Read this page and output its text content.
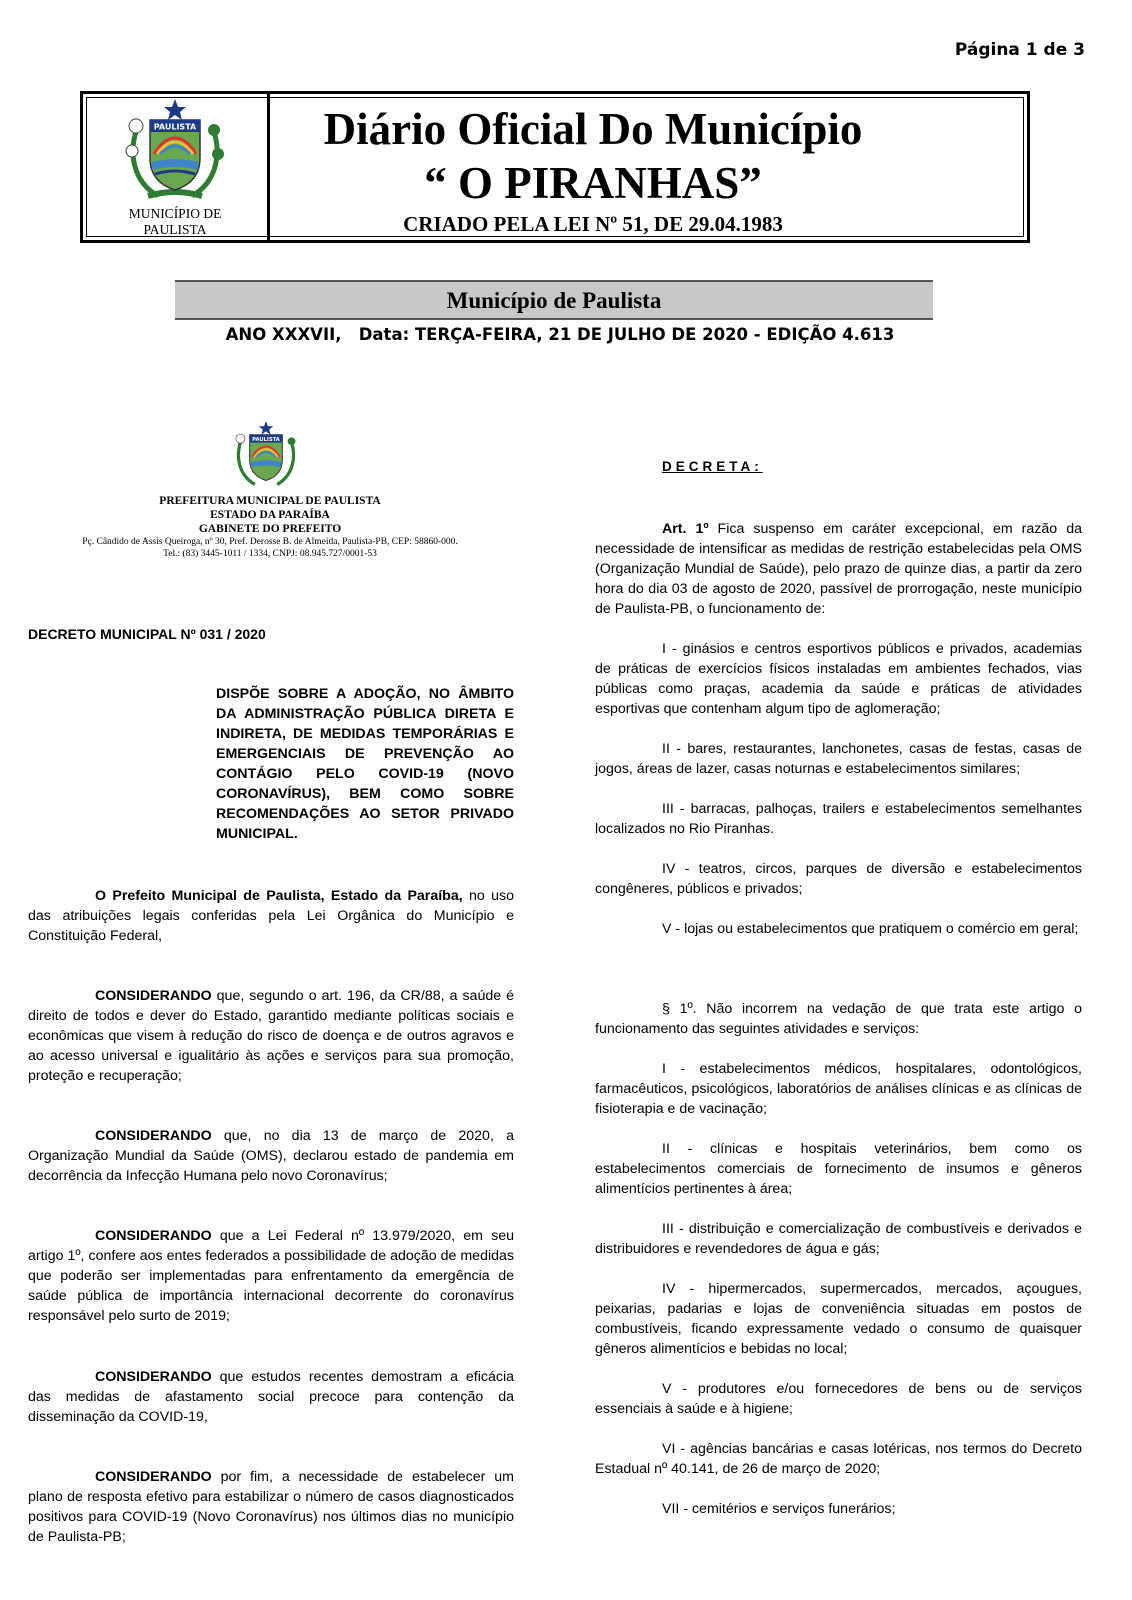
Página 1 de 3
PAULISTA
MUNICÍPIO DE
PAULISTA
Diário Oficial Do Município
“ O PIRANHAS”
CRIADO PELA LEI Nº 51, DE 29.04.1983
Município de Paulista
ANO XXXVII,   Data: TERÇA-FEIRA, 21 DE JULHO DE 2020 - EDIÇÃO 4.613
PAULISTA
PREFEITURA MUNICIPAL DE PAULISTA
ESTADO DA PARAÍBA
GABINETE DO PREFEITO
Pç. Cândido de Assis Queiroga, nº 30, Pref. Derosse B. de Almeida, Paulista-PB, CEP: 58860-000.
Tel.: (83) 3445-1011 / 1334, CNPJ: 08.945.727/0001-53
DECRETO MUNICIPAL Nº 031 / 2020
DISPÕE SOBRE A ADOÇÃO, NO ÂMBITO DA ADMINISTRAÇÃO PÚBLICA DIRETA E INDIRETA, DE MEDIDAS TEMPORÁRIAS E EMERGENCIAIS DE PREVENÇÃO AO CONTÁGIO PELO COVID-19 (NOVO CORONAVÍRUS), BEM COMO SOBRE RECOMENDAÇÕES AO SETOR PRIVADO MUNICIPAL.

O Prefeito Municipal de Paulista, Estado da Paraíba, no uso das atribuições legais conferidas pela Lei Orgânica do Município e Constituição Federal,

CONSIDERANDO que, segundo o art. 196, da CR/88, a saúde é direito de todos e dever do Estado, garantido mediante políticas sociais e econômicas que visem à redução do risco de doença e de outros agravos e ao acesso universal e igualitário às ações e serviços para sua promoção, proteção e recuperação;

CONSIDERANDO que, no dia 13 de março de 2020, a Organização Mundial da Saúde (OMS), declarou estado de pandemia em decorrência da Infecção Humana pelo novo Coronavírus;

CONSIDERANDO que a Lei Federal nº 13.979/2020, em seu artigo 1º, confere aos entes federados a possibilidade de adoção de medidas que poderão ser implementadas para enfrentamento da emergência de saúde pública de importância internacional decorrente do coronavírus responsável pelo surto de 2019;

CONSIDERANDO que estudos recentes demostram a eficácia das medidas de afastamento social precoce para contenção da disseminação da COVID-19,

CONSIDERANDO por fim, a necessidade de estabelecer um plano de resposta efetivo para estabilizar o número de casos diagnosticados positivos para COVID-19 (Novo Coronavírus) nos últimos dias no município de Paulista-PB;

DECRETA:

Art. 1º Fica suspenso em caráter excepcional, em razão da necessidade de intensificar as medidas de restrição estabelecidas pela OMS (Organização Mundial de Saúde), pelo prazo de quinze dias, a partir da zero hora do dia 03 de agosto de 2020, passível de prorrogação, neste município de Paulista-PB, o funcionamento de:

I - ginásios e centros esportivos públicos e privados, academias de práticas de exercícios físicos instaladas em ambientes fechados, vias públicas como praças, academia da saúde e práticas de atividades esportivas que contenham algum tipo de aglomeração;

II - bares, restaurantes, lanchonetes, casas de festas, casas de jogos, áreas de lazer, casas noturnas e estabelecimentos similares;

III - barracas, palhoças, trailers e estabelecimentos semelhantes localizados no Rio Piranhas.

IV - teatros, circos, parques de diversão e estabelecimentos congêneres, públicos e privados;

V - lojas ou estabelecimentos que pratiquem o comércio em geral;

§ 1º. Não incorrem na vedação de que trata este artigo o funcionamento das seguintes atividades e serviços:

I - estabelecimentos médicos, hospitalares, odontológicos, farmacêuticos, psicológicos, laboratórios de análises clínicas e as clínicas de fisioterapia e de vacinação;

II - clínicas e hospitais veterinários, bem como os estabelecimentos comerciais de fornecimento de insumos e gêneros alimentícios pertinentes à área;

III - distribuição e comercialização de combustíveis e derivados e distribuidores e revendedores de água e gás;

IV - hipermercados, supermercados, mercados, açougues, peixarias, padarias e lojas de conveniência situadas em postos de combustíveis, ficando expressamente vedado o consumo de quaisquer gêneros alimentícios e bebidas no local;

V - produtores e/ou fornecedores de bens ou de serviços essenciais à saúde e à higiene;

VI - agências bancárias e casas lotéricas, nos termos do Decreto Estadual nº 40.141, de 26 de março de 2020;

VII - cemitérios e serviços funerários;
